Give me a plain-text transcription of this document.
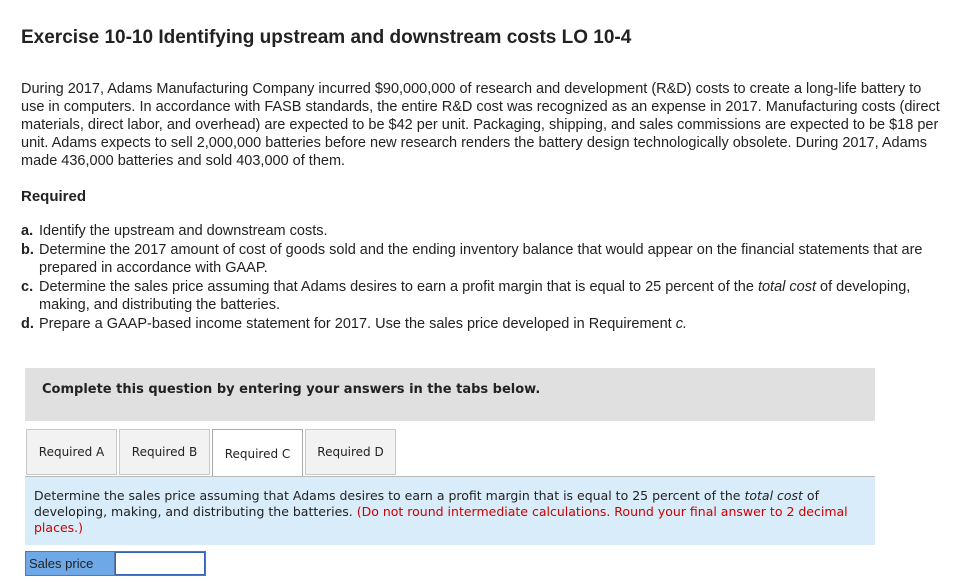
Exercise 10-10 Identifying upstream and downstream costs LO 10-4

During 2017, Adams Manufacturing Company incurred $90,000,000 of research and development (R&D) costs to create a long-life battery to use in computers. In accordance with FASB standards, the entire R&D cost was recognized as an expense in 2017. Manufacturing costs (direct materials, direct labor, and overhead) are expected to be $42 per unit. Packaging, shipping, and sales commissions are expected to be $18 per unit. Adams expects to sell 2,000,000 batteries before new research renders the battery design technologically obsolete. During 2017, Adams made 436,000 batteries and sold 403,000 of them.

Required

a. Identify the upstream and downstream costs.
b. Determine the 2017 amount of cost of goods sold and the ending inventory balance that would appear on the financial statements that are prepared in accordance with GAAP.
c. Determine the sales price assuming that Adams desires to earn a profit margin that is equal to 25 percent of the total cost of developing, making, and distributing the batteries.
d. Prepare a GAAP-based income statement for 2017. Use the sales price developed in Requirement c.
Complete this question by entering your answers in the tabs below.
Required A	Required B	Required C	Required D
Determine the sales price assuming that Adams desires to earn a profit margin that is equal to 25 percent of the total cost of developing, making, and distributing the batteries. (Do not round intermediate calculations. Round your final answer to 2 decimal places.)
Sales price
